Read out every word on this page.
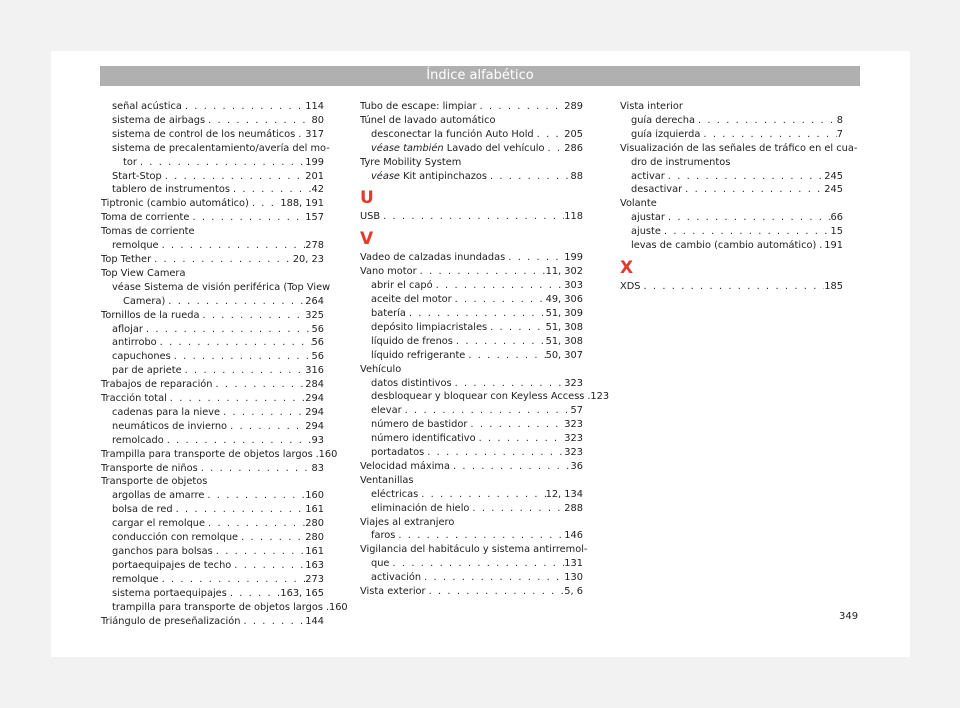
Índice alfabético
señal acústica . . .	114
sistema de airbags . . .	80
sistema de control de los neumáticos . . . 317
sistema de precalentamiento/avería del mo-
tor . . .	199
Start-Stop . . .	201
tablero de instrumentos . . .	42
Tiptronic (cambio automático) . . .	188, 191
Toma de corriente . . .	157
Tomas de corriente
remolque . . .	278
Top Tether . . .	20, 23
Top View Camera
véase Sistema de visión periférica (Top View
Camera) . . .	264
Tornillos de la rueda . . .	325
aflojar . . .	56
antirrobo . . .	56
capuchones . . .	56
par de apriete . . .	316
Trabajos de reparación . . .	284
Tracción total . . .	294
cadenas para la nieve . . .	294
neumáticos de invierno . . .	294
remolcado . . .	93
Trampilla para transporte de objetos largos . . . 160
Transporte de niños . . .	83
Transporte de objetos
argollas de amarre . . .	160
bolsa de red . . .	161
cargar el remolque . . .	280
conducción con remolque . . .	280
ganchos para bolsas . . .	161
portaequipajes de techo . . .	163
remolque . . .	273
sistema portaequipajes . . .	163, 165
trampilla para transporte de objetos largos . . . 160
Triángulo de preseñalización . . .	144
Tubo de escape: limpiar . . .	289
Túnel de lavado automático
desconectar la función Auto Hold . . .	205
véase también Lavado del vehículo . . . 286
Tyre Mobility System
véase Kit antipinchazos . . .	88
U
USB . . .	118
V
Vadeo de calzadas inundadas . . .	199
Vano motor . . .	11, 302
abrir el capó . . .	303
aceite del motor . . .	49, 306
batería . . .	51, 309
depósito limpiacristales . . .	51, 308
líquido de frenos . . .	51, 308
líquido refrigerante . . .	50, 307
Vehículo
datos distintivos . . .	323
desbloquear y bloquear con Keyless Access . . . 123
elevar . . .	57
número de bastidor . . .	323
número identificativo . . .	323
portadatos . . .	323
Velocidad máxima . . .	36
Ventanillas
eléctricas . . .	12, 134
eliminación de hielo . . .	288
Viajes al extranjero
faros . . .	146
Vigilancia del habitáculo y sistema antirremol-
que . . .	131
activación . . .	130
Vista exterior . . .	5, 6
Vista interior
guía derecha . . .	8
guía izquierda . . .	7
Visualización de las señales de tráfico en el cua-
dro de instrumentos
activar . . .	245
desactivar . . .	245
Volante
ajustar . . .	66
ajuste . . .	15
levas de cambio (cambio automático) . . . 191
X
XDS . . .	185
349
